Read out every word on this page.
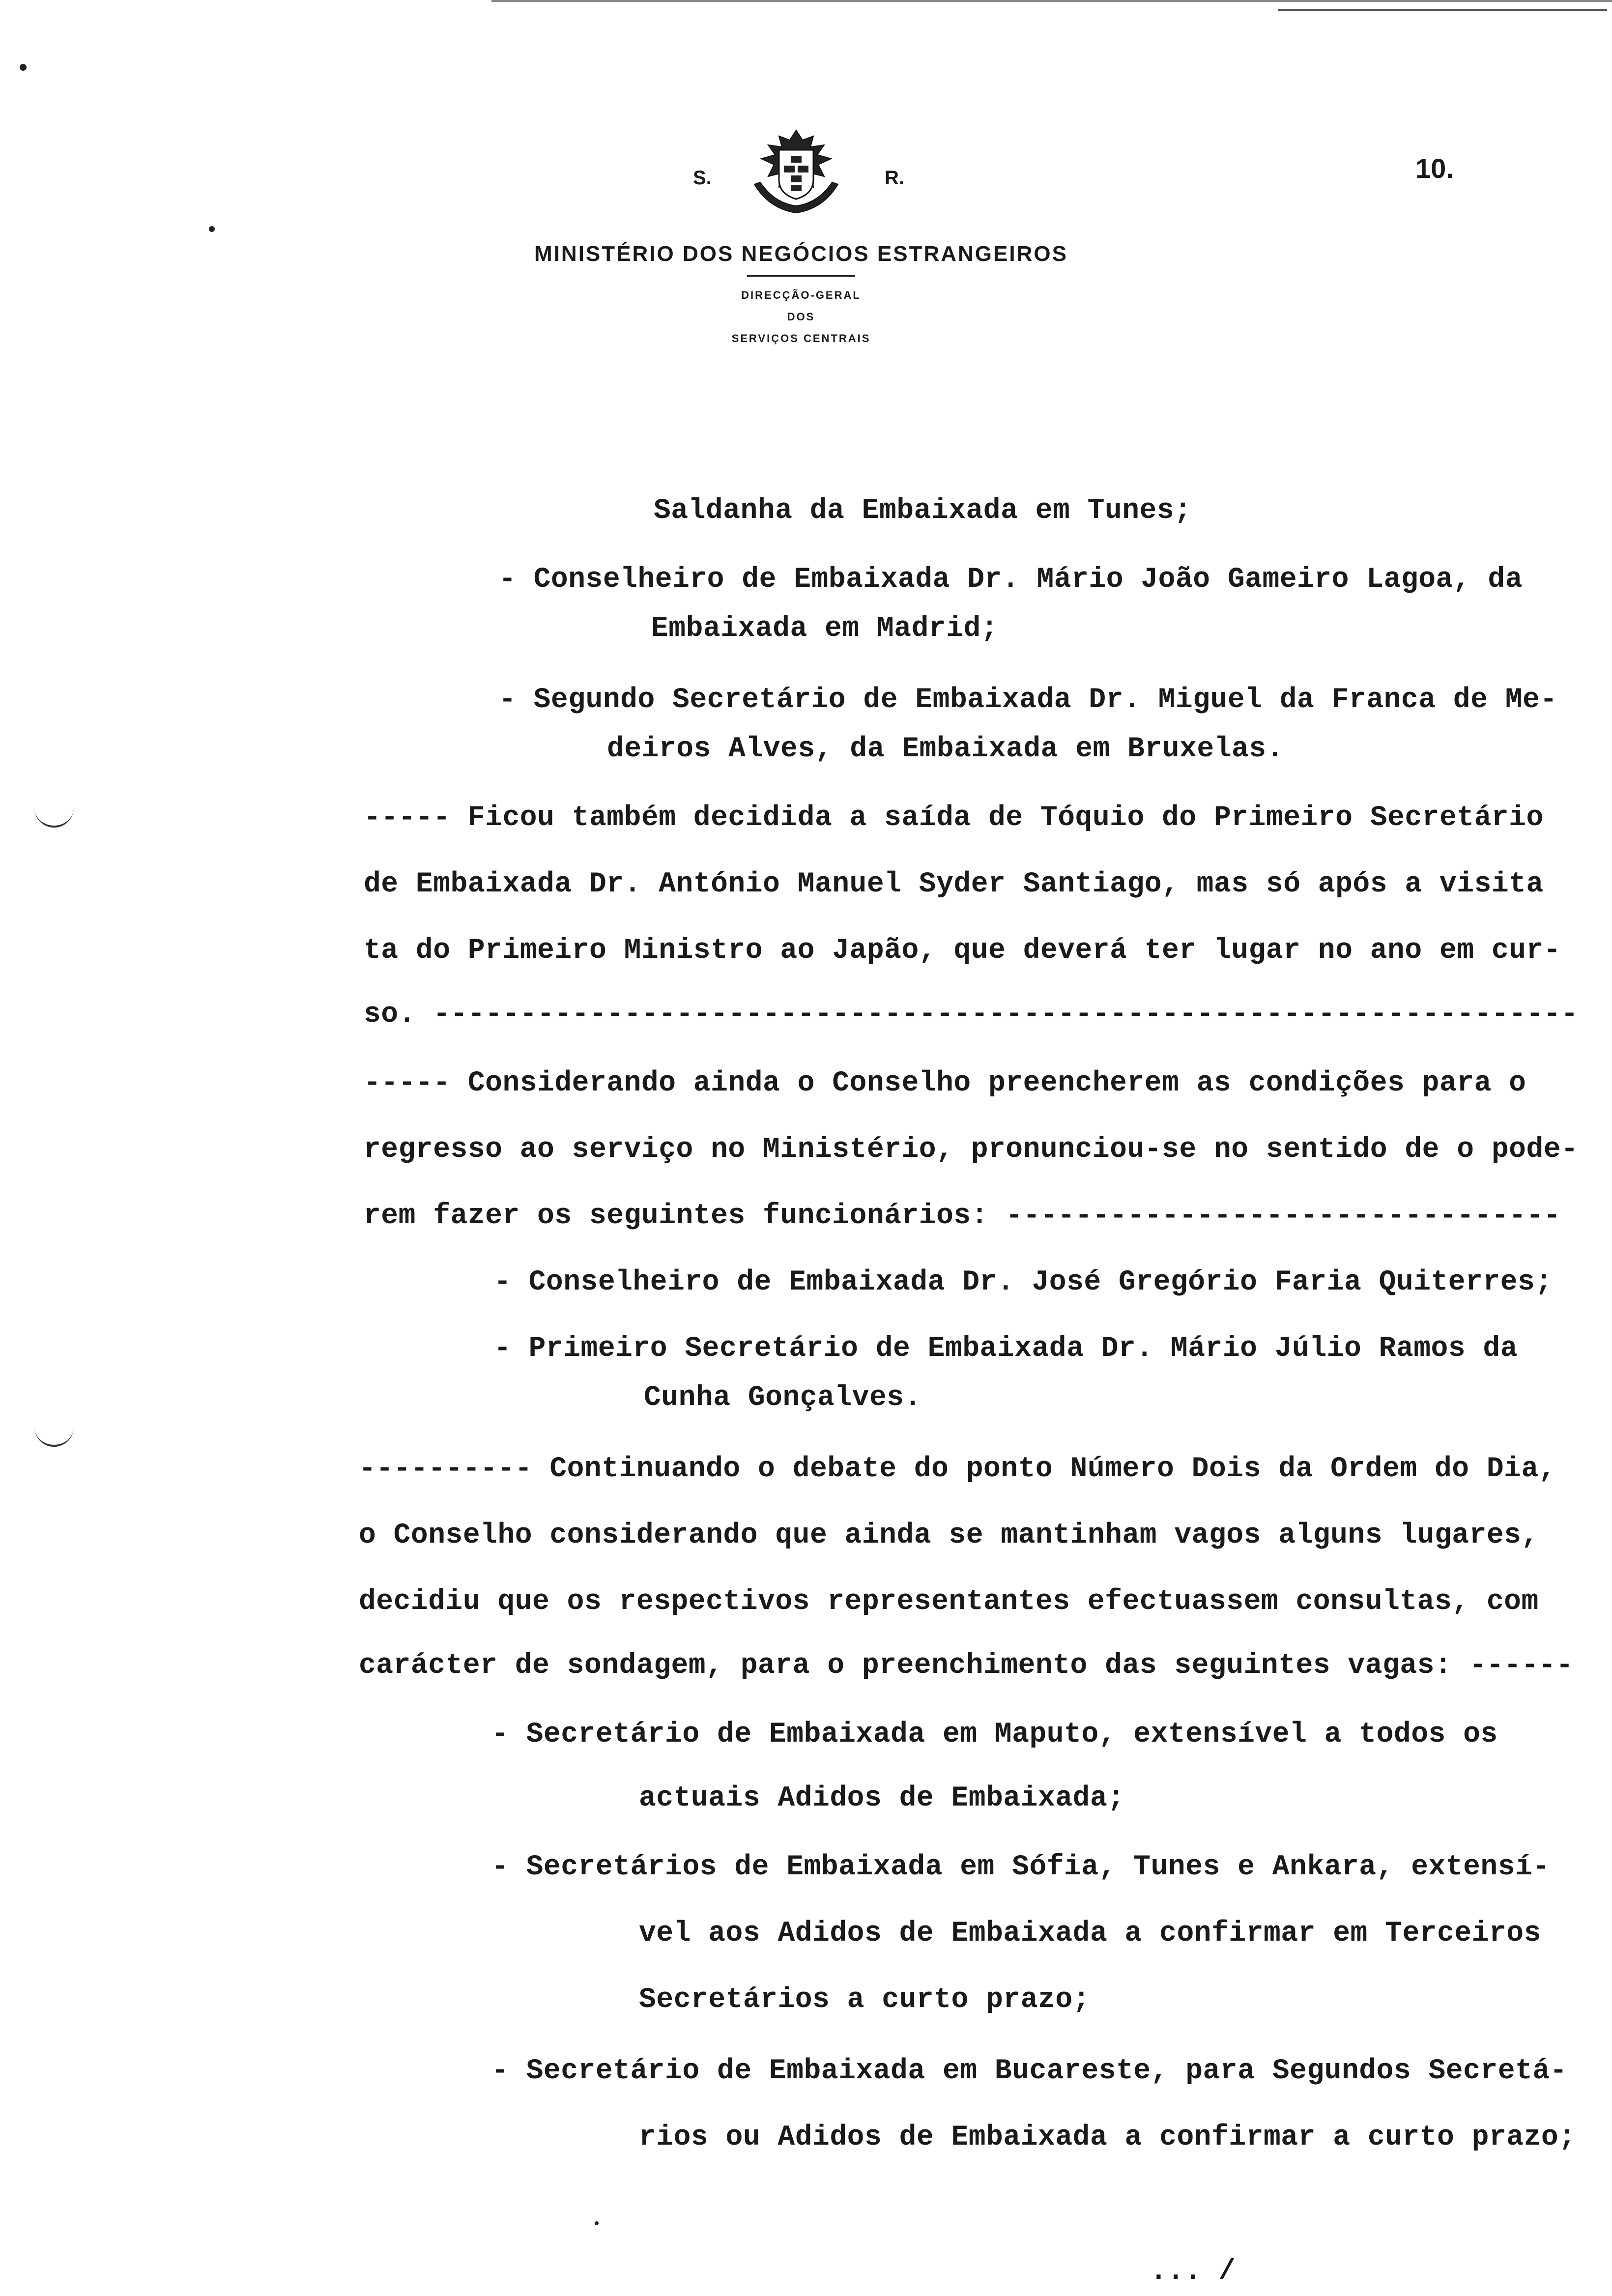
S.	R.
MINISTÉRIO DOS NEGÓCIOS ESTRANGEIROS
DIRECÇÃO-GERAL
DOS
SERVIÇOS CENTRAIS
10.
Saldanha da Embaixada em Tunes;
- Conselheiro de Embaixada Dr. Mário João Gameiro Lagoa, da
Embaixada em Madrid;
- Segundo Secretário de Embaixada Dr. Miguel da Franca de Me-
deiros Alves, da Embaixada em Bruxelas.
----- Ficou também decidida a saída de Tóquio do Primeiro Secretário
de Embaixada Dr. António Manuel Syder Santiago, mas só após a visita
ta do Primeiro Ministro ao Japão, que deverá ter lugar no ano em cur-
so. ------------------------------------------------------------------
----- Considerando ainda o Conselho preencherem as condições para o
regresso ao serviço no Ministério, pronunciou-se no sentido de o pode-
rem fazer os seguintes funcionários: --------------------------------
- Conselheiro de Embaixada Dr. José Gregório Faria Quiterres;
- Primeiro Secretário de Embaixada Dr. Mário Júlio Ramos da
Cunha Gonçalves.
---------- Continuando o debate do ponto Número Dois da Ordem do Dia,
o Conselho considerando que ainda se mantinham vagos alguns lugares,
decidiu que os respectivos representantes efectuassem consultas, com
carácter de sondagem, para o preenchimento das seguintes vagas: ------
- Secretário de Embaixada em Maputo, extensível a todos os
actuais Adidos de Embaixada;
- Secretários de Embaixada em Sófia, Tunes e Ankara, extensí-
vel aos Adidos de Embaixada a confirmar em Terceiros
Secretários a curto prazo;
- Secretário de Embaixada em Bucareste, para Segundos Secretá-
rios ou Adidos de Embaixada a confirmar a curto prazo;
... /
